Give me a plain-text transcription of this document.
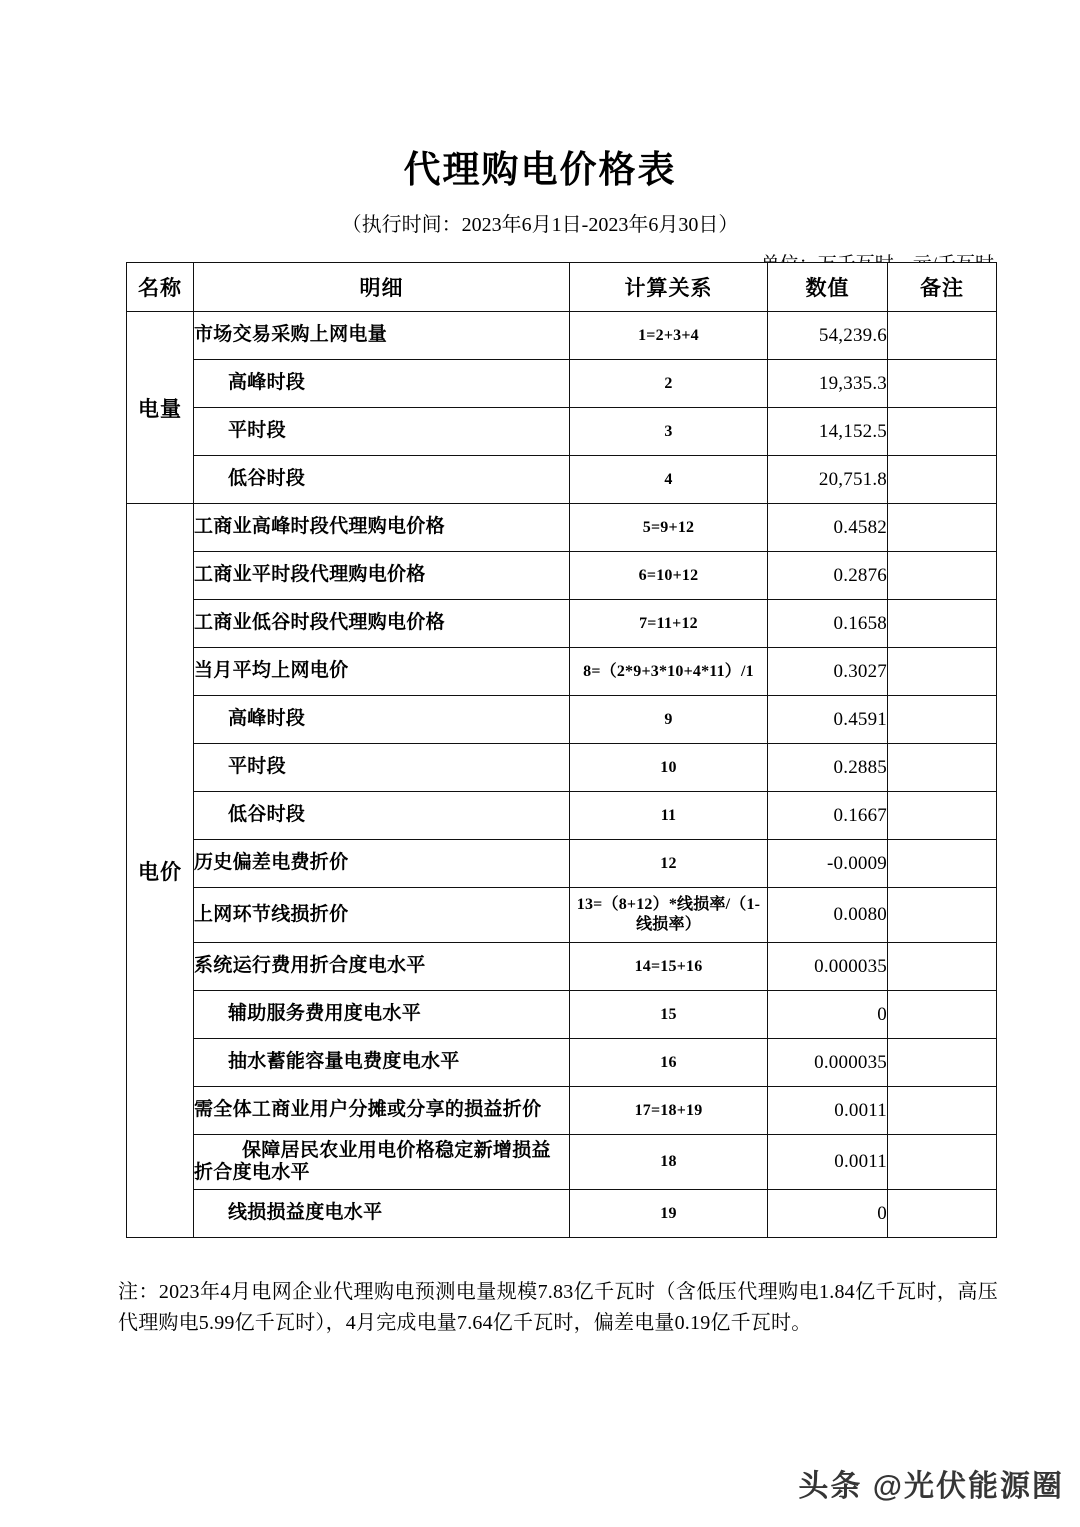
代理购电价格表

（执行时间：2023年6月1日-2023年6月30日）

名称	明细	计算关系	数值	备注
电量	市场交易采购上网电量	1=2+3+4	54,239.6	
	高峰时段	2	19,335.3	
	平时段	3	14,152.5	
	低谷时段	4	20,751.8	
电价	工商业高峰时段代理购电价格	5=9+12	0.4582	
	工商业平时段代理购电价格	6=10+12	0.2876	
	工商业低谷时段代理购电价格	7=11+12	0.1658	
	当月平均上网电价	8=（2*9+3*10+4*11）/1	0.3027	
	高峰时段	9	0.4591	
	平时段	10	0.2885	
	低谷时段	11	0.1667	
	历史偏差电费折价	12	-0.0009	
	上网环节线损折价	13=（8+12）*线损率/（1-线损率）	0.0080	
	系统运行费用折合度电水平	14=15+16	0.000035	
	辅助服务费用度电水平	15	0	
	抽水蓄能容量电费度电水平	16	0.000035	
	需全体工商业用户分摊或分享的损益折价	17=18+19	0.0011	
	保障居民农业用电价格稳定新增损益折合度电水平	18	0.0011	
	线损损益度电水平	19	0	
注：2023年4月电网企业代理购电预测电量规模7.83亿千瓦时（含低压代理购电1.84亿千瓦时，高压代理购电5.99亿千瓦时），4月完成电量7.64亿千瓦时，偏差电量0.19亿千瓦时。
头条 @光伏能源圈
